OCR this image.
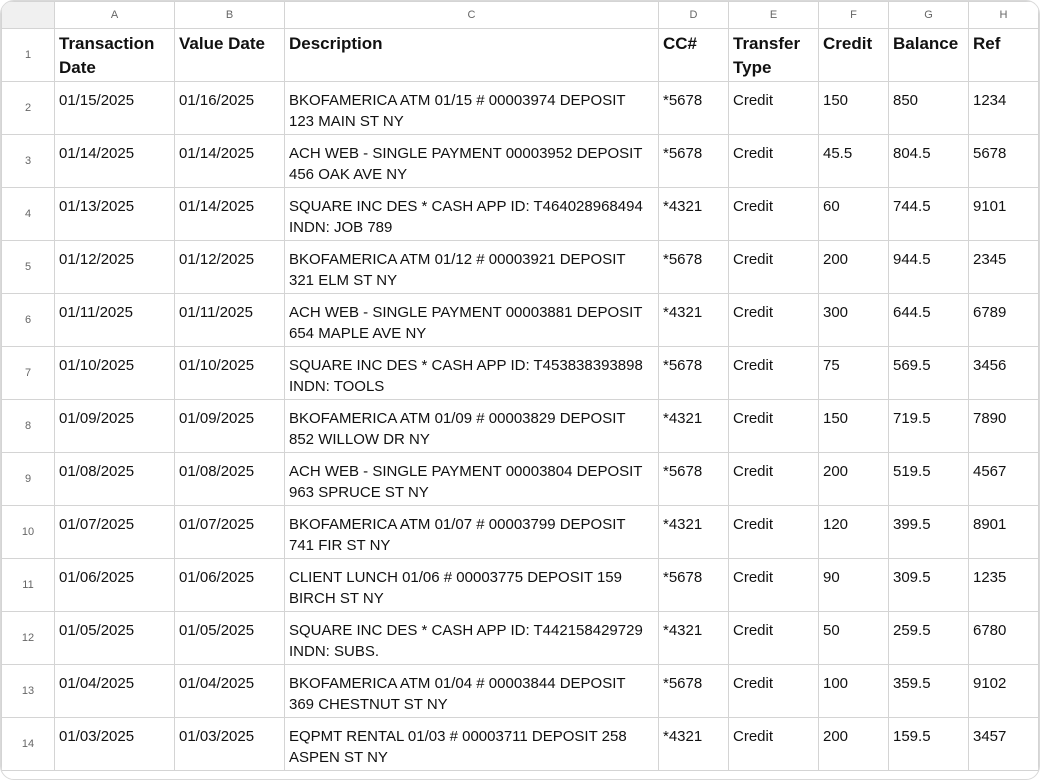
	A	B	C	D	E	F	G	H
1	Transaction Date	Value Date	Description	CC#	Transfer Type	Credit	Balance	Ref
2	01/15/2025	01/16/2025	BKOFAMERICA ATM 01/15 # 00003974 DEPOSIT 123 MAIN ST NY	*5678	Credit	150	850	1234
3	01/14/2025	01/14/2025	ACH WEB - SINGLE PAYMENT 00003952 DEPOSIT 456 OAK AVE NY	*5678	Credit	45.5	804.5	5678
4	01/13/2025	01/14/2025	SQUARE INC DES * CASH APP ID: T464028968494 INDN: JOB 789	*4321	Credit	60	744.5	9101
5	01/12/2025	01/12/2025	BKOFAMERICA ATM 01/12 # 00003921 DEPOSIT 321 ELM ST NY	*5678	Credit	200	944.5	2345
6	01/11/2025	01/11/2025	ACH WEB - SINGLE PAYMENT 00003881 DEPOSIT 654 MAPLE AVE NY	*4321	Credit	300	644.5	6789
7	01/10/2025	01/10/2025	SQUARE INC DES * CASH APP ID: T453838393898 INDN: TOOLS	*5678	Credit	75	569.5	3456
8	01/09/2025	01/09/2025	BKOFAMERICA ATM 01/09 # 00003829 DEPOSIT 852 WILLOW DR NY	*4321	Credit	150	719.5	7890
9	01/08/2025	01/08/2025	ACH WEB - SINGLE PAYMENT 00003804 DEPOSIT 963 SPRUCE ST NY	*5678	Credit	200	519.5	4567
10	01/07/2025	01/07/2025	BKOFAMERICA ATM 01/07 # 00003799 DEPOSIT 741 FIR ST NY	*4321	Credit	120	399.5	8901
11	01/06/2025	01/06/2025	CLIENT LUNCH 01/06 # 00003775 DEPOSIT 159 BIRCH ST NY	*5678	Credit	90	309.5	1235
12	01/05/2025	01/05/2025	SQUARE INC DES * CASH APP ID: T442158429729 INDN: SUBS.	*4321	Credit	50	259.5	6780
13	01/04/2025	01/04/2025	BKOFAMERICA ATM 01/04 # 00003844 DEPOSIT 369 CHESTNUT ST NY	*5678	Credit	100	359.5	9102
14	01/03/2025	01/03/2025	EQPMT RENTAL 01/03 # 00003711 DEPOSIT 258 ASPEN ST NY	*4321	Credit	200	159.5	3457
